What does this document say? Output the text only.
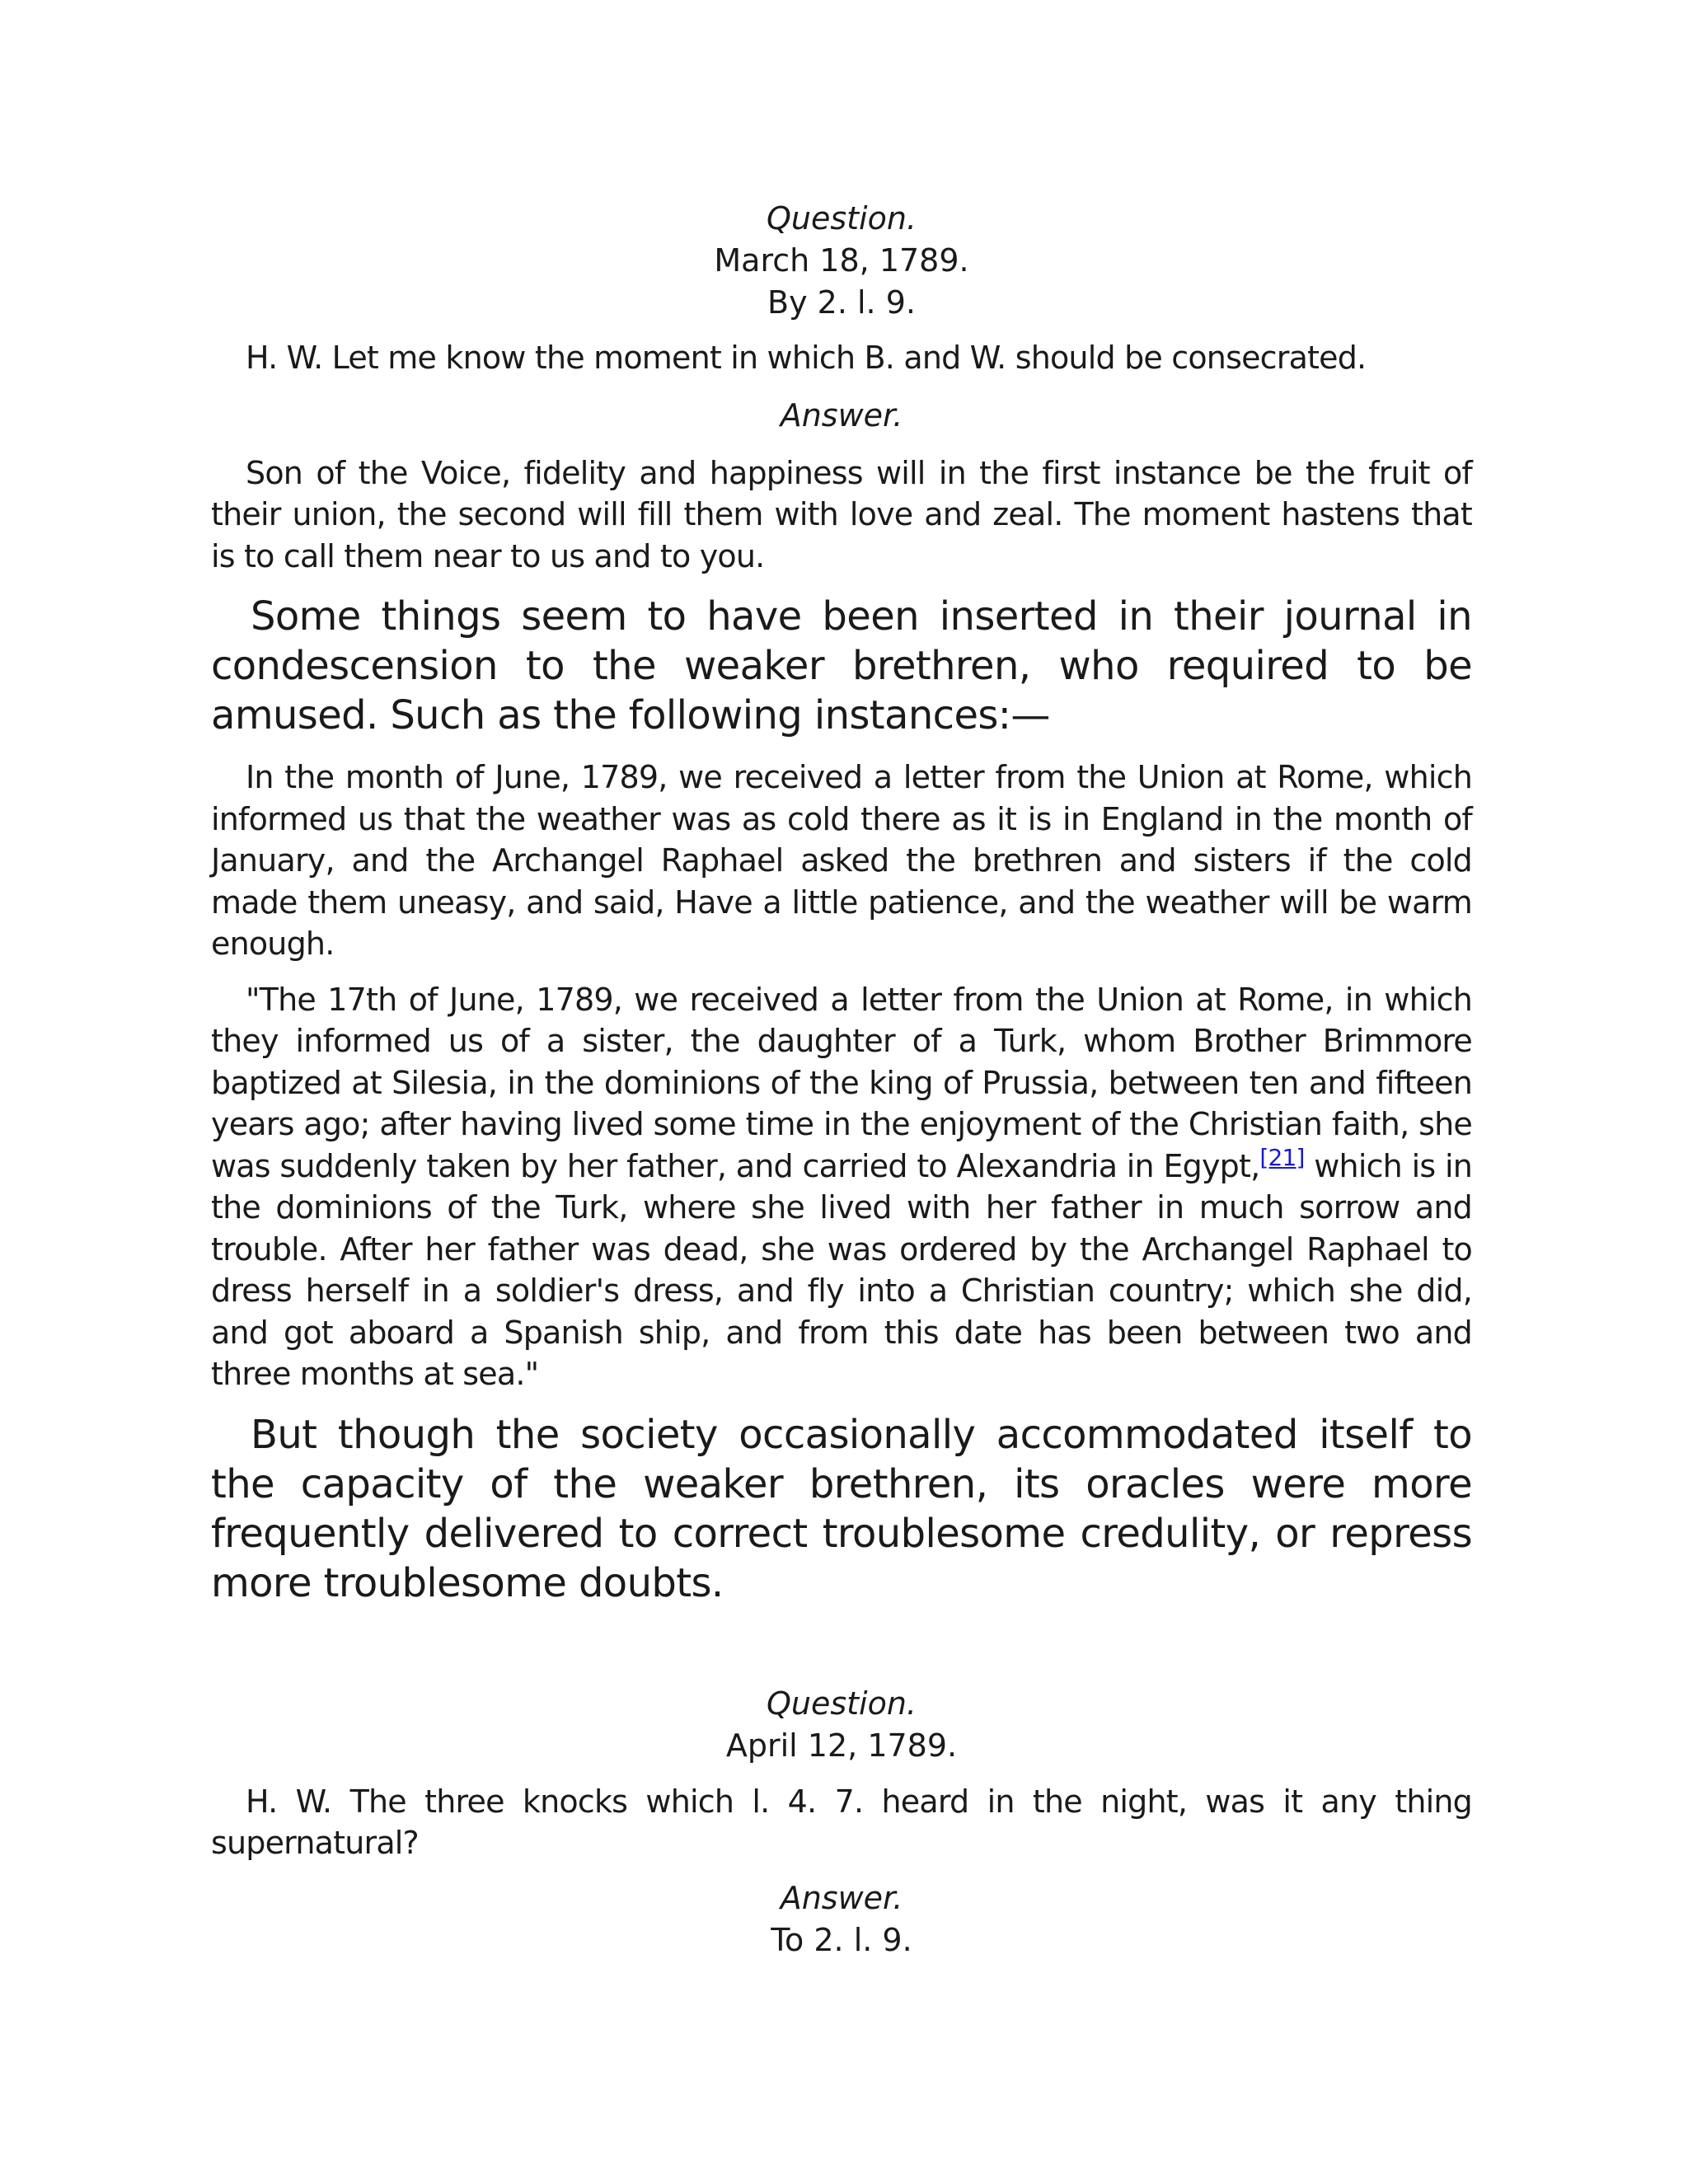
Question.
March 18, 1789.
By 2. l. 9.

H. W. Let me know the moment in which B. and W. should be consecrated.

Answer.

Son of the Voice, fidelity and happiness will in the first instance be the fruit of their union, the second will fill them with love and zeal. The moment hastens that is to call them near to us and to you.

Some things seem to have been inserted in their journal in condescension to the weaker brethren, who required to be amused. Such as the following instances:—

In the month of June, 1789, we received a letter from the Union at Rome, which informed us that the weather was as cold there as it is in England in the month of January, and the Archangel Raphael asked the brethren and sisters if the cold made them uneasy, and said, Have a little patience, and the weather will be warm enough.

"The 17th of June, 1789, we received a letter from the Union at Rome, in which they informed us of a sister, the daughter of a Turk, whom Brother Brimmore baptized at Silesia, in the dominions of the king of Prussia, between ten and fifteen years ago; after having lived some time in the enjoyment of the Christian faith, she was suddenly taken by her father, and carried to Alexandria in Egypt,[21] which is in the dominions of the Turk, where she lived with her father in much sorrow and trouble. After her father was dead, she was ordered by the Archangel Raphael to dress herself in a soldier's dress, and fly into a Christian country; which she did, and got aboard a Spanish ship, and from this date has been between two and three months at sea."

But though the society occasionally accommodated itself to the capacity of the weaker brethren, its oracles were more frequently delivered to correct troublesome credulity, or repress more troublesome doubts.

Question.
April 12, 1789.

H. W. The three knocks which l. 4. 7. heard in the night, was it any thing supernatural?

Answer.
To 2. l. 9.
